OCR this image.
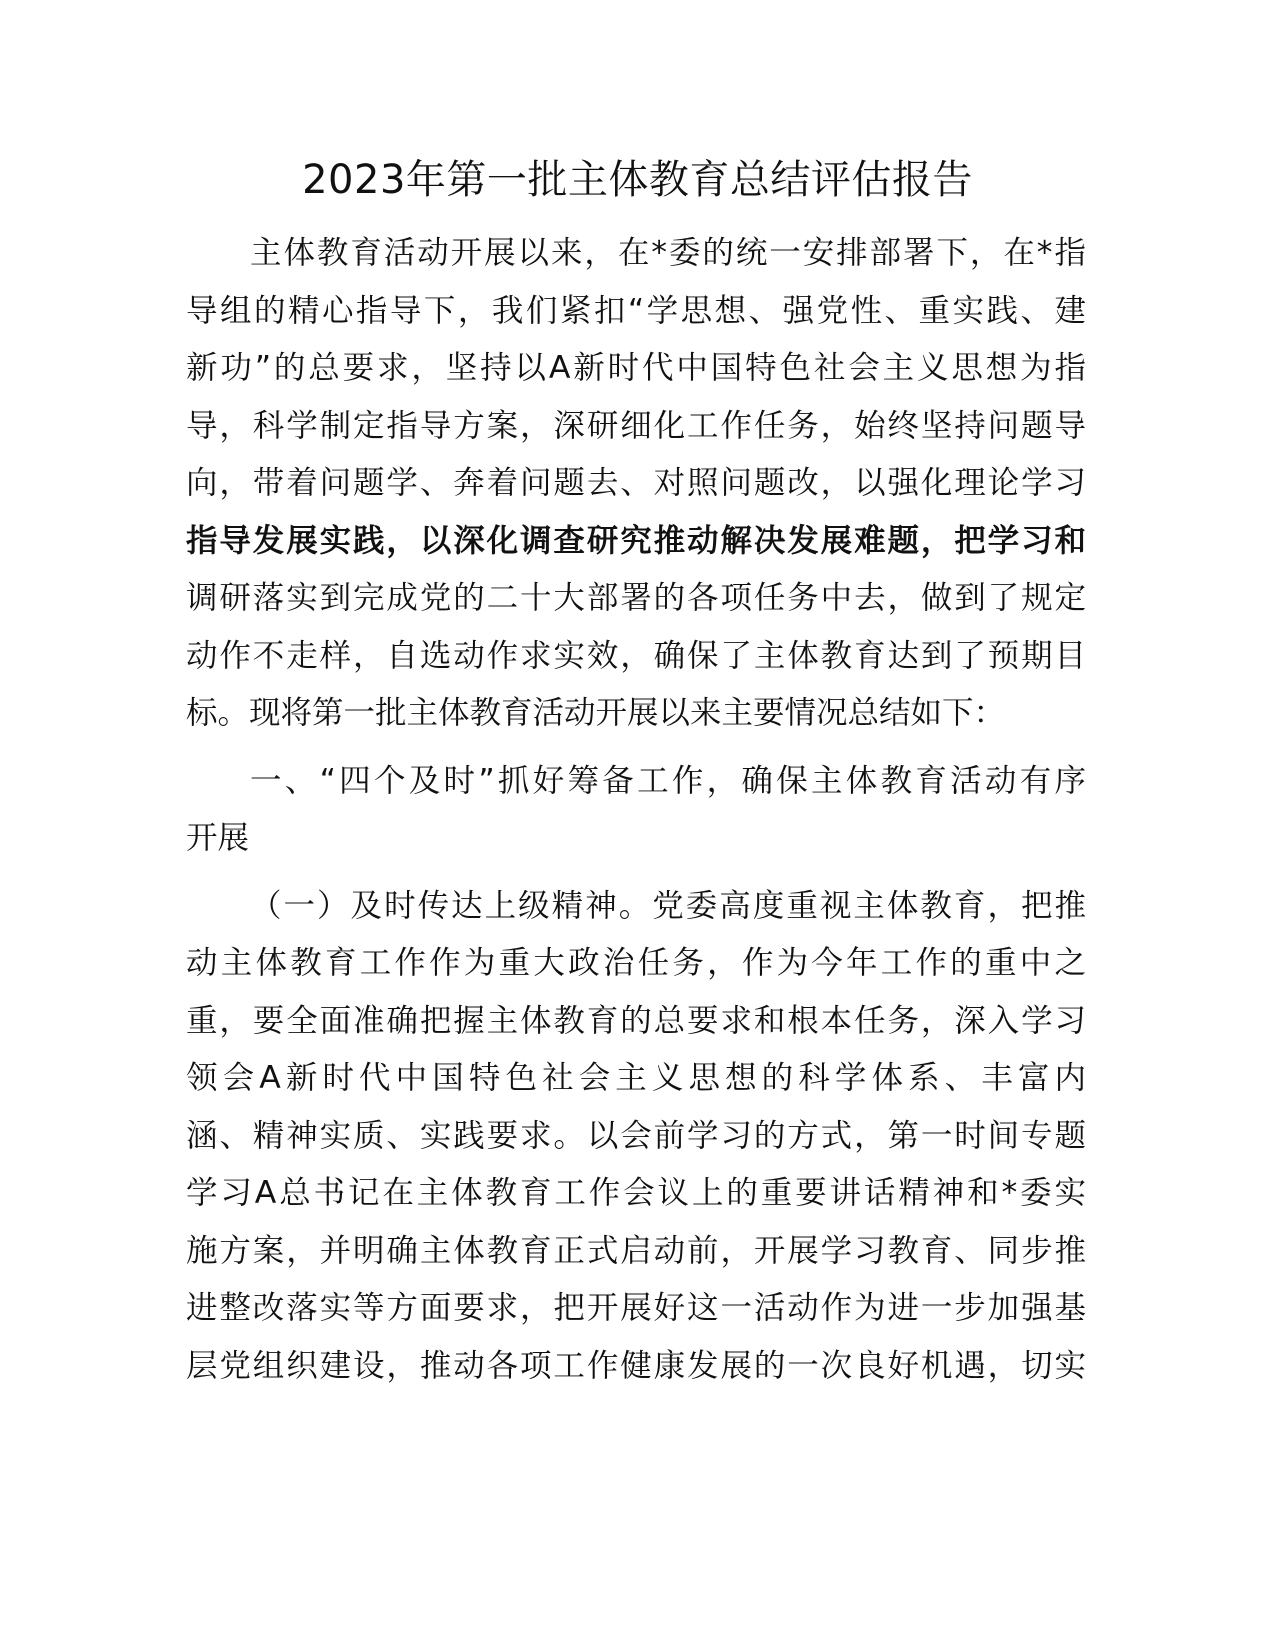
2023年第一批主体教育总结评估报告
主体教育活动开展以来，在*委的统一安排部署下，在*指
导组的精心指导下，我们紧扣“学思想、强党性、重实践、建
新功”的总要求，坚持以A新时代中国特色社会主义思想为指
导，科学制定指导方案，深研细化工作任务，始终坚持问题导
向，带着问题学、奔着问题去、对照问题改，以强化理论学习
指导发展实践，以深化调查研究推动解决发展难题，把学习和
调研落实到完成党的二十大部署的各项任务中去，做到了规定
动作不走样，自选动作求实效，确保了主体教育达到了预期目
标。现将第一批主体教育活动开展以来主要情况总结如下：
一、“四个及时”抓好筹备工作，确保主体教育活动有序
开展
（一）及时传达上级精神。党委高度重视主体教育，把推
动主体教育工作作为重大政治任务，作为今年工作的重中之
重，要全面准确把握主体教育的总要求和根本任务，深入学习
领会A新时代中国特色社会主义思想的科学体系、丰富内
涵、精神实质、实践要求。以会前学习的方式，第一时间专题
学习A总书记在主体教育工作会议上的重要讲话精神和*委实
施方案，并明确主体教育正式启动前，开展学习教育、同步推
进整改落实等方面要求，把开展好这一活动作为进一步加强基
层党组织建设，推动各项工作健康发展的一次良好机遇，切实
